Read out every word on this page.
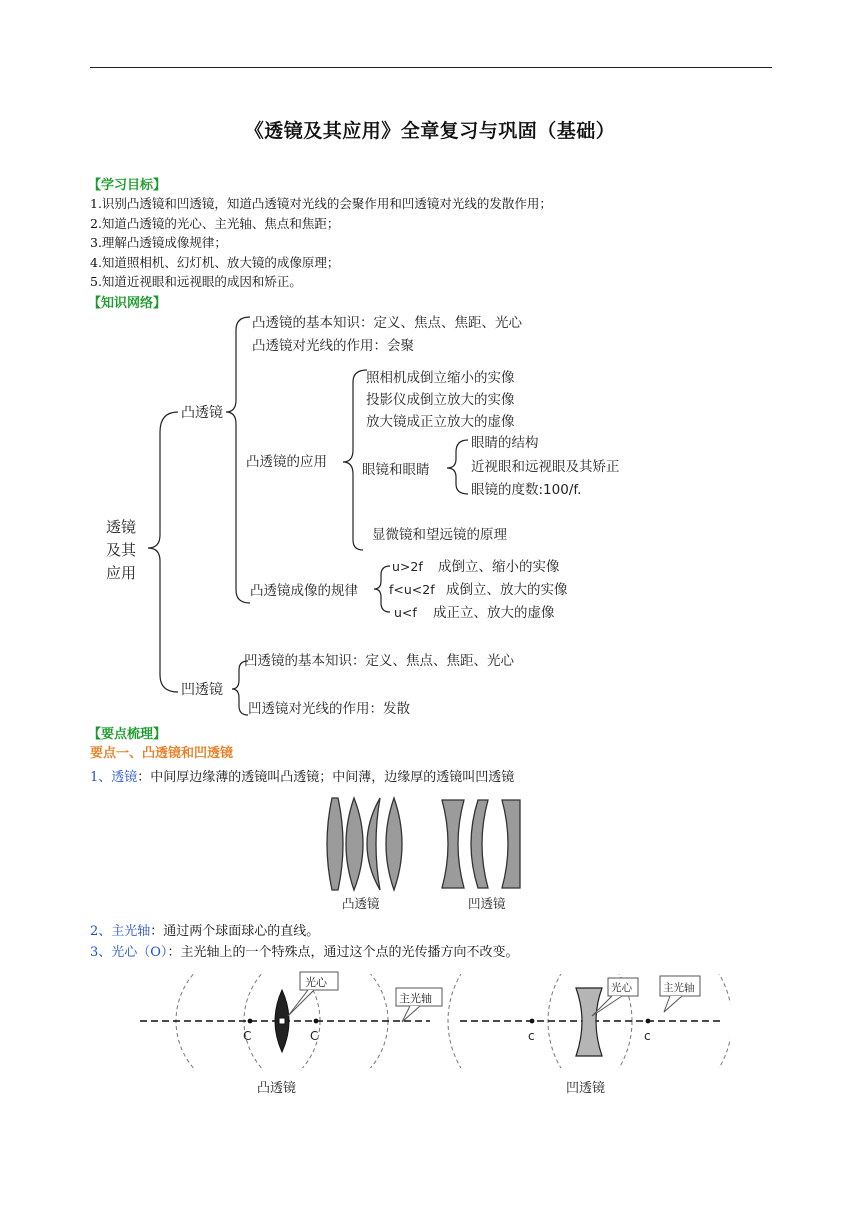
《透镜及其应用》全章复习与巩固（基础）
【学习目标】
1.识别凸透镜和凹透镜，知道凸透镜对光线的会聚作用和凹透镜对光线的发散作用；
2.知道凸透镜的光心、主光轴、焦点和焦距；
3.理解凸透镜成像规律；
4.知道照相机、幻灯机、放大镜的成像原理；
5.知道近视眼和远视眼的成因和矫正。
【知识网络】
透镜
及其
应用
凸透镜
凸透镜的基本知识：定义、焦点、焦距、光心
凸透镜对光线的作用：会聚
凸透镜的应用
照相机成倒立缩小的实像
投影仪成倒立放大的实像
放大镜成正立放大的虚像
眼镜和眼睛
眼睛的结构
近视眼和远视眼及其矫正
眼镜的度数:100/f.
显微镜和望远镜的原理
凸透镜成像的规律
u>2f 成倒立、缩小的实像
f<u<2f 成倒立、放大的实像
u<f 成正立、放大的虚像
凹透镜
凹透镜的基本知识：定义、焦点、焦距、光心
凹透镜对光线的作用：发散
【要点梳理】
要点一、凸透镜和凹透镜
1、透镜：中间厚边缘薄的透镜叫凸透镜；中间薄，边缘厚的透镜叫凹透镜
凸透镜	凹透镜
2、主光轴：通过两个球面球心的直线。
3、光心（O）：主光轴上的一个特殊点，通过这个点的光传播方向不改变。
C	C
光心
主光轴
c	c
光心	主光轴
凸透镜	凹透镜
